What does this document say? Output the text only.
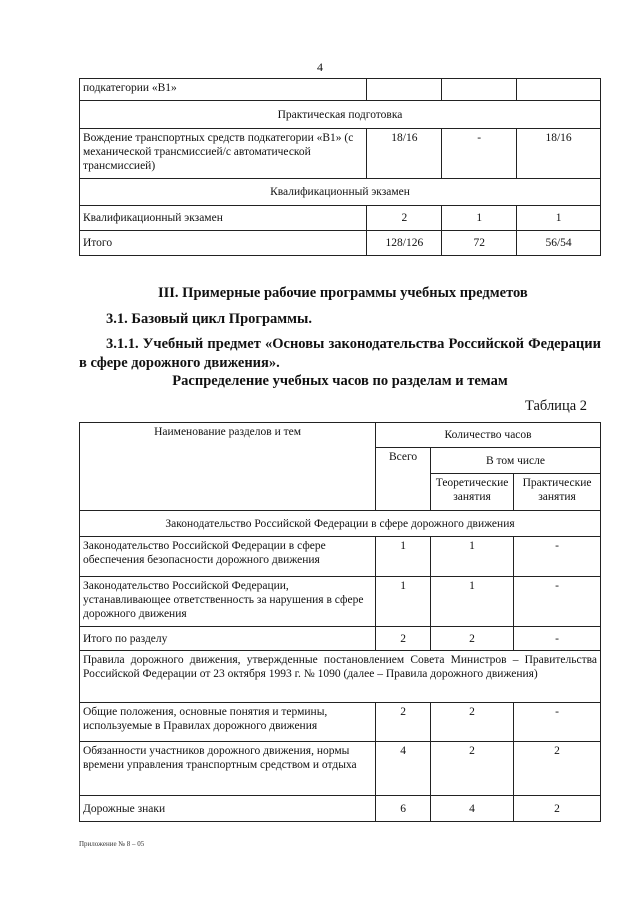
4
подкатегории «B1»			
Практическая подготовка			
Вождение транспортных средств подкатегории «B1» (с механической трансмиссией/с автоматической трансмиссией)	18/16	-	18/16
Квалификационный экзамен			
Квалификационный экзамен	2	1	1
Итого	128/126	72	56/54
III. Примерные рабочие программы учебных предметов
3.1. Базовый цикл Программы.
3.1.1. Учебный предмет «Основы законодательства Российской Федерации в сфере дорожного движения».
Распределение учебных часов по разделам и темам
Таблица 2
Наименование разделов и тем	Количество часов		
	Всего	В том числе	
		Теоретические занятия	Практические занятия
Законодательство Российской Федерации в сфере дорожного движения			
Законодательство Российской Федерации в сфере обеспечения безопасности дорожного движения	1	1	-
Законодательство Российской Федерации, устанавливающее ответственность за нарушения в сфере дорожного движения	1	1	-
Итого по разделу	2	2	-
Правила дорожного движения, утвержденные постановлением Совета Министров – Правительства Российской Федерации от 23 октября 1993 г. № 1090 (далее – Правила дорожного движения)			
Общие положения, основные понятия и термины, используемые в Правилах дорожного движения	2	2	-
Обязанности участников дорожного движения, нормы времени управления транспортным средством и отдыха	4	2	2
Дорожные знаки	6	4	2
Приложение № 8 – 05
